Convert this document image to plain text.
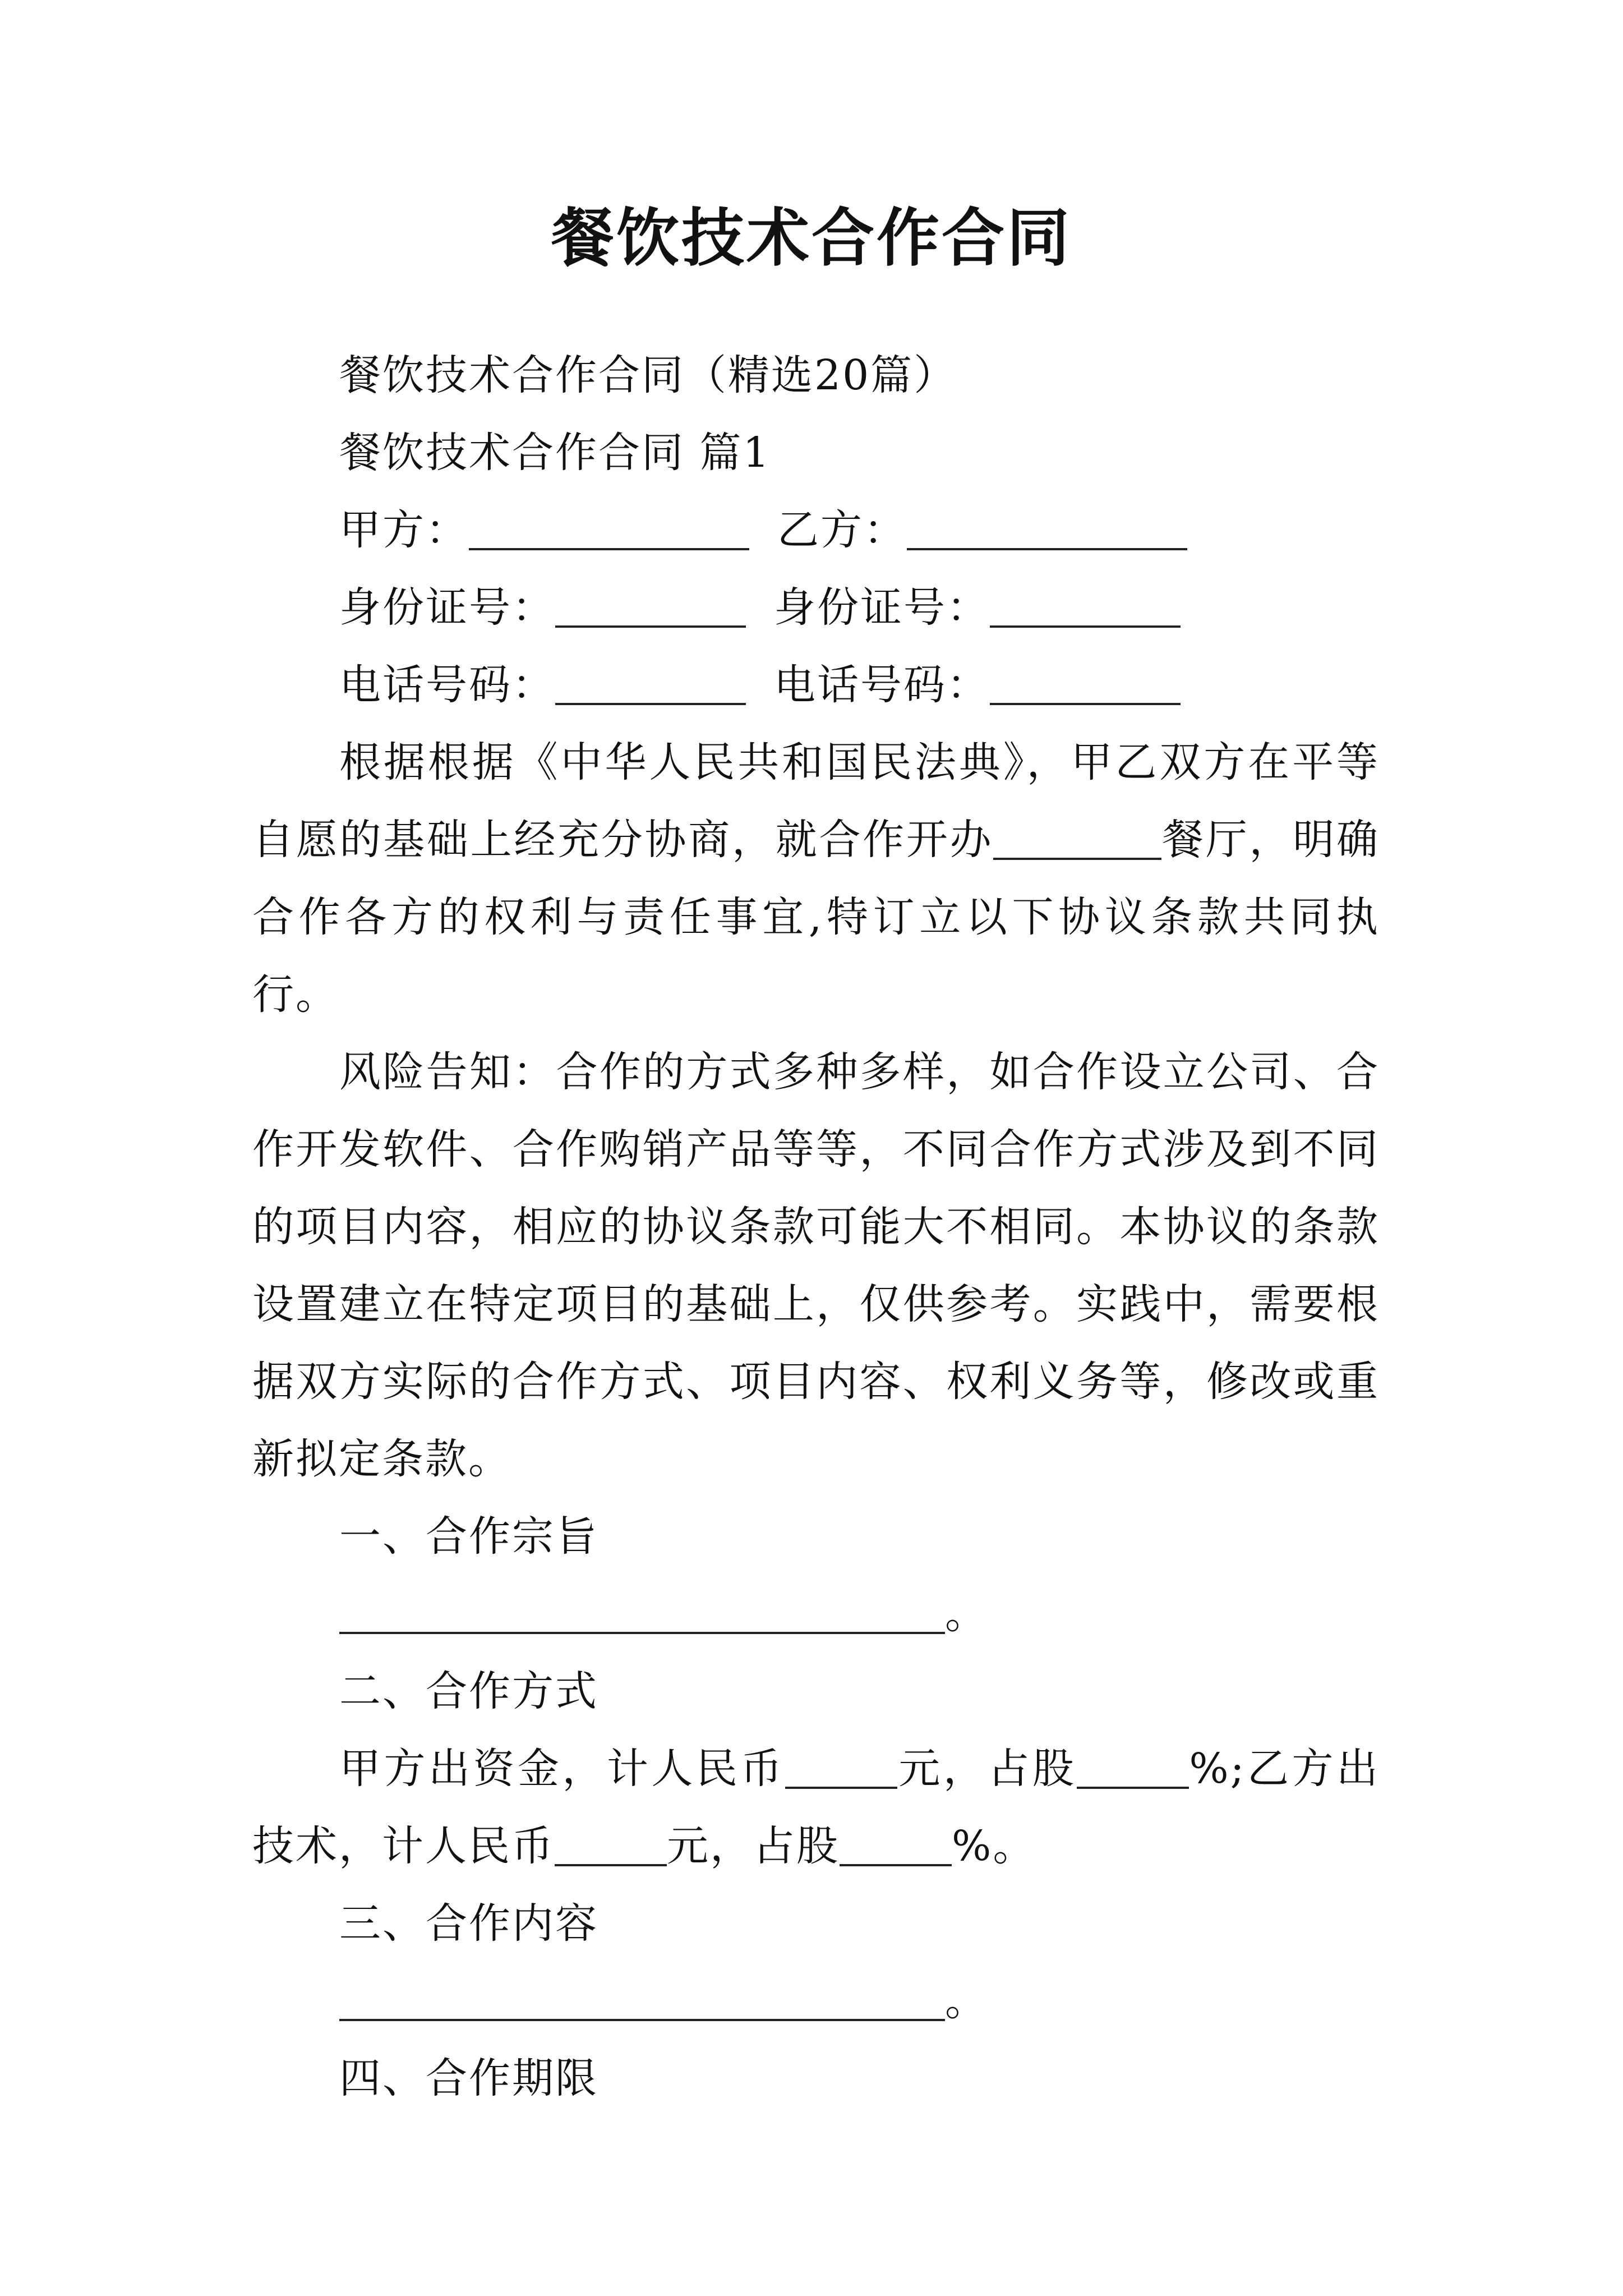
餐饮技术合作合同
餐饮技术合作合同（精选20篇）
餐饮技术合作合同 篇1
甲方：	乙方：
身份证号：	身份证号：
电话号码：	电话号码：
根据根据《中华人民共和国民法典》，甲乙双方在平等自愿的基础上经充分协商，就合作开办	餐厅，明确合作各方的权利与责任事宜,特订立以下协议条款共同执行。
风险告知：合作的方式多种多样，如合作设立公司、合作开发软件、合作购销产品等等，不同合作方式涉及到不同的项目内容，相应的协议条款可能大不相同。本协议的条款设置建立在特定项目的基础上，仅供参考。实践中，需要根据双方实际的合作方式、项目内容、权利义务等，修改或重新拟定条款。
一、合作宗旨
。
二、合作方式
甲方出资金，计人民币	元，占股	%;乙方出技术，计人民币	元，占股	%。
三、合作内容
。
四、合作期限
